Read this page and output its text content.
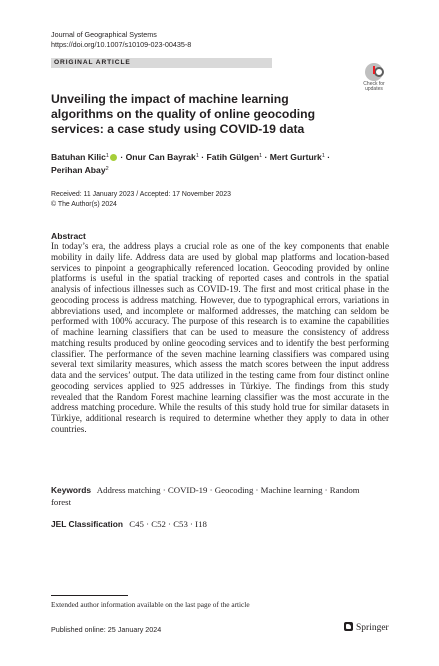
Journal of Geographical Systems
https://doi.org/10.1007/s10109-023-00435-8
ORIGINAL ARTICLE
Check for
updates
Unveiling the impact of machine learning algorithms on the quality of online geocoding services: a case study using COVID-19 data
Batuhan Kilic$^1$ · Onur Can Bayrak$^1$ · Fatih Gülgen$^1$ · Mert Gurturk$^1$ ·
Perihan Abay$^2$
Received: 11 January 2023 / Accepted: 17 November 2023
© The Author(s) 2024
Abstract
In today’s era, the address plays a crucial role as one of the key components that enable mobility in daily life. Address data are used by global map platforms and location-based services to pinpoint a geographically referenced location. Geocoding provided by online platforms is useful in the spatial tracking of reported cases and controls in the spatial analysis of infectious illnesses such as COVID-19. The first and most critical phase in the geocoding process is address matching. However, due to typographical errors, variations in abbreviations used, and incomplete or malformed addresses, the matching can seldom be performed with 100% accuracy. The purpose of this research is to examine the capabilities of machine learning classifiers that can be used to measure the consistency of address matching results produced by online geocoding services and to identify the best performing classifier. The performance of the seven machine learning classifiers was compared using several text similarity measures, which assess the match scores between the input address data and the services’ output. The data utilized in the testing came from four distinct online geocoding services applied to 925 addresses in Türkiye. The findings from this study revealed that the Random Forest machine learning classifier was the most accurate in the address matching procedure. While the results of this study hold true for similar datasets in Türkiye, additional research is required to determine whether they apply to data in other countries.
Keywords Address matching · COVID-19 · Geocoding · Machine learning · Random forest
JEL Classification C45 · C52 · C53 · I18
Extended author information available on the last page of the article
Published online: 25 January 2024	Springer
